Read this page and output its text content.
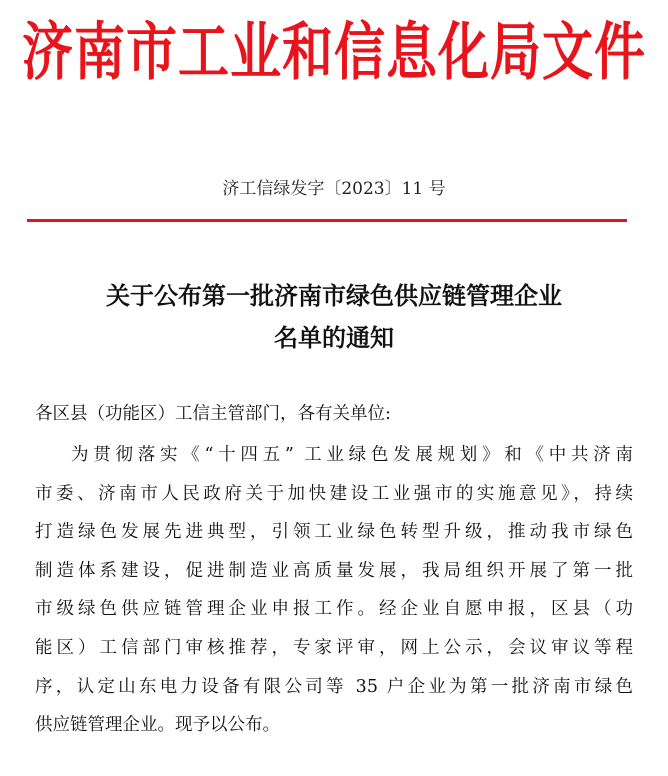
济南市工业和信息化局文件
济工信绿发字〔2023〕11 号
关于公布第一批济南市绿色供应链管理企业
名单的通知
各区县（功能区）工信主管部门，各有关单位:
为贯彻落实《“十四五” 工业绿色发展规划》和《中共济南
市委、济南市人民政府关于加快建设工业强市的实施意见》，持续
打造绿色发展先进典型，引领工业绿色转型升级，推动我市绿色
制造体系建设，促进制造业高质量发展，我局组织开展了第一批
市级绿色供应链管理企业申报工作。经企业自愿申报，区县（功
能区）工信部门审核推荐，专家评审，网上公示，会议审议等程
序，认定山东电力设备有限公司等 35 户企业为第一批济南市绿色
供应链管理企业。现予以公布。
